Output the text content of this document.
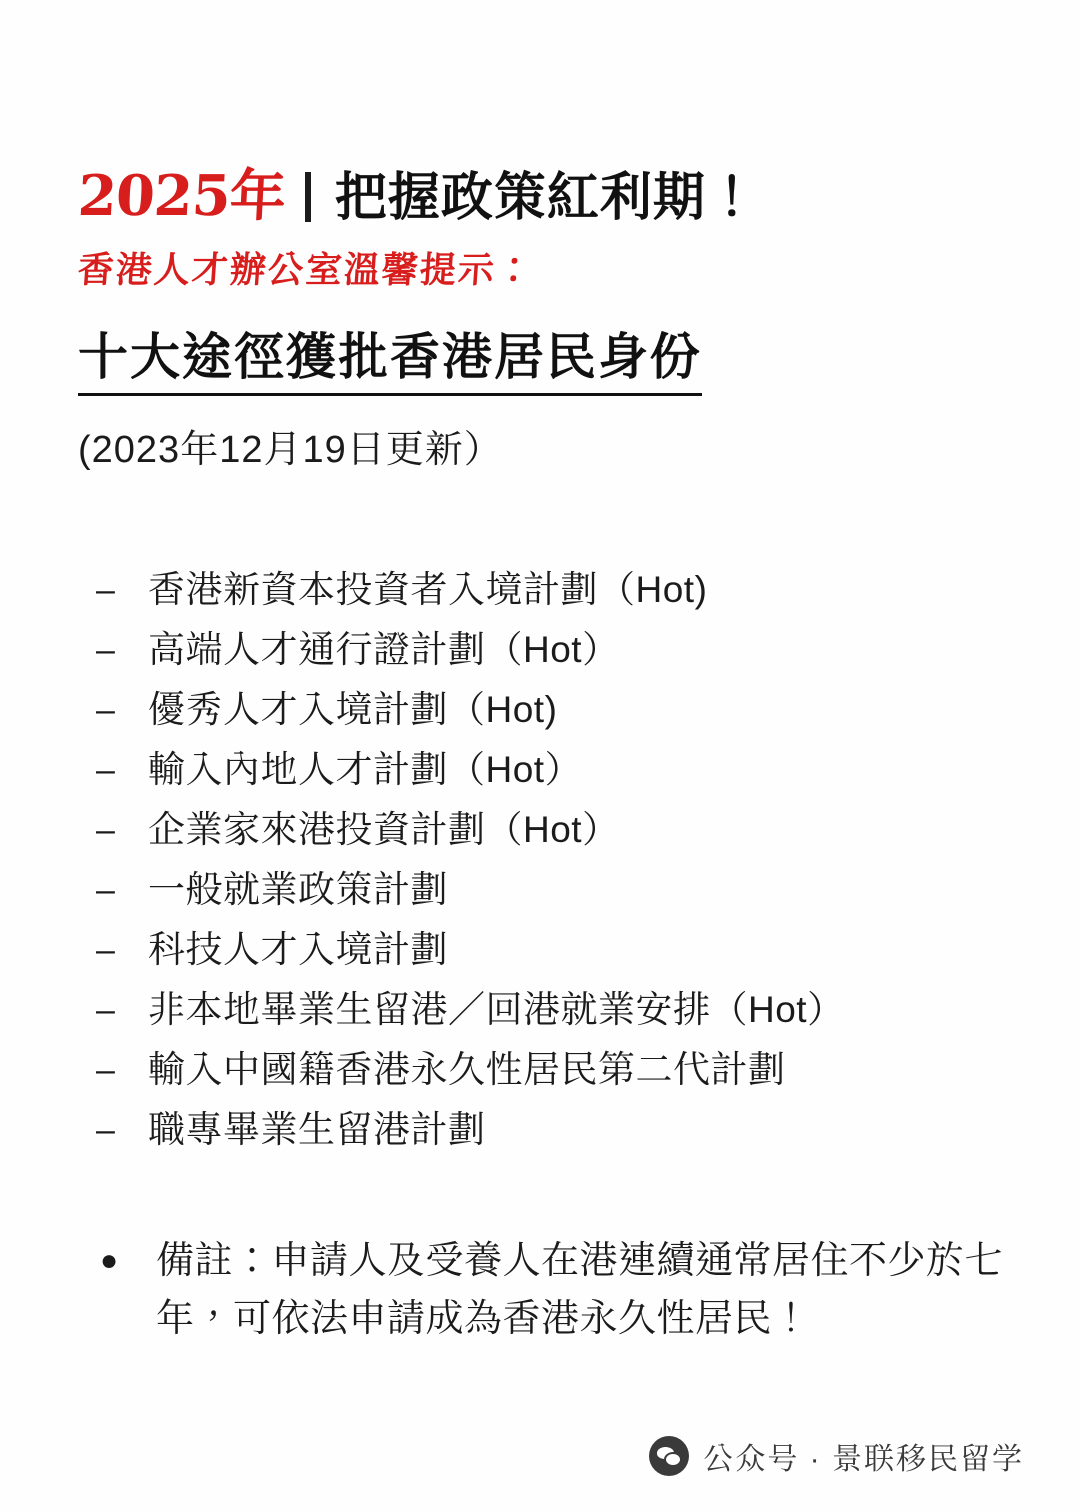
2025年 把握政策紅利期！
香港人才辦公室溫馨提示：
十大途徑獲批香港居民身份
(2023年12月19日更新）
– 香港新資本投資者入境計劃（Hot)
– 高端人才通行證計劃（Hot）
– 優秀人才入境計劃（Hot)
– 輸入內地人才計劃（Hot）
– 企業家來港投資計劃（Hot）
– 一般就業政策計劃
– 科技人才入境計劃
– 非本地畢業生留港／回港就業安排（Hot）
– 輸入中國籍香港永久性居民第二代計劃
– 職專畢業生留港計劃
● 備註：申請人及受養人在港連續通常居住不少於七年，可依法申請成為香港永久性居民！
公众号 · 景联移民留学
